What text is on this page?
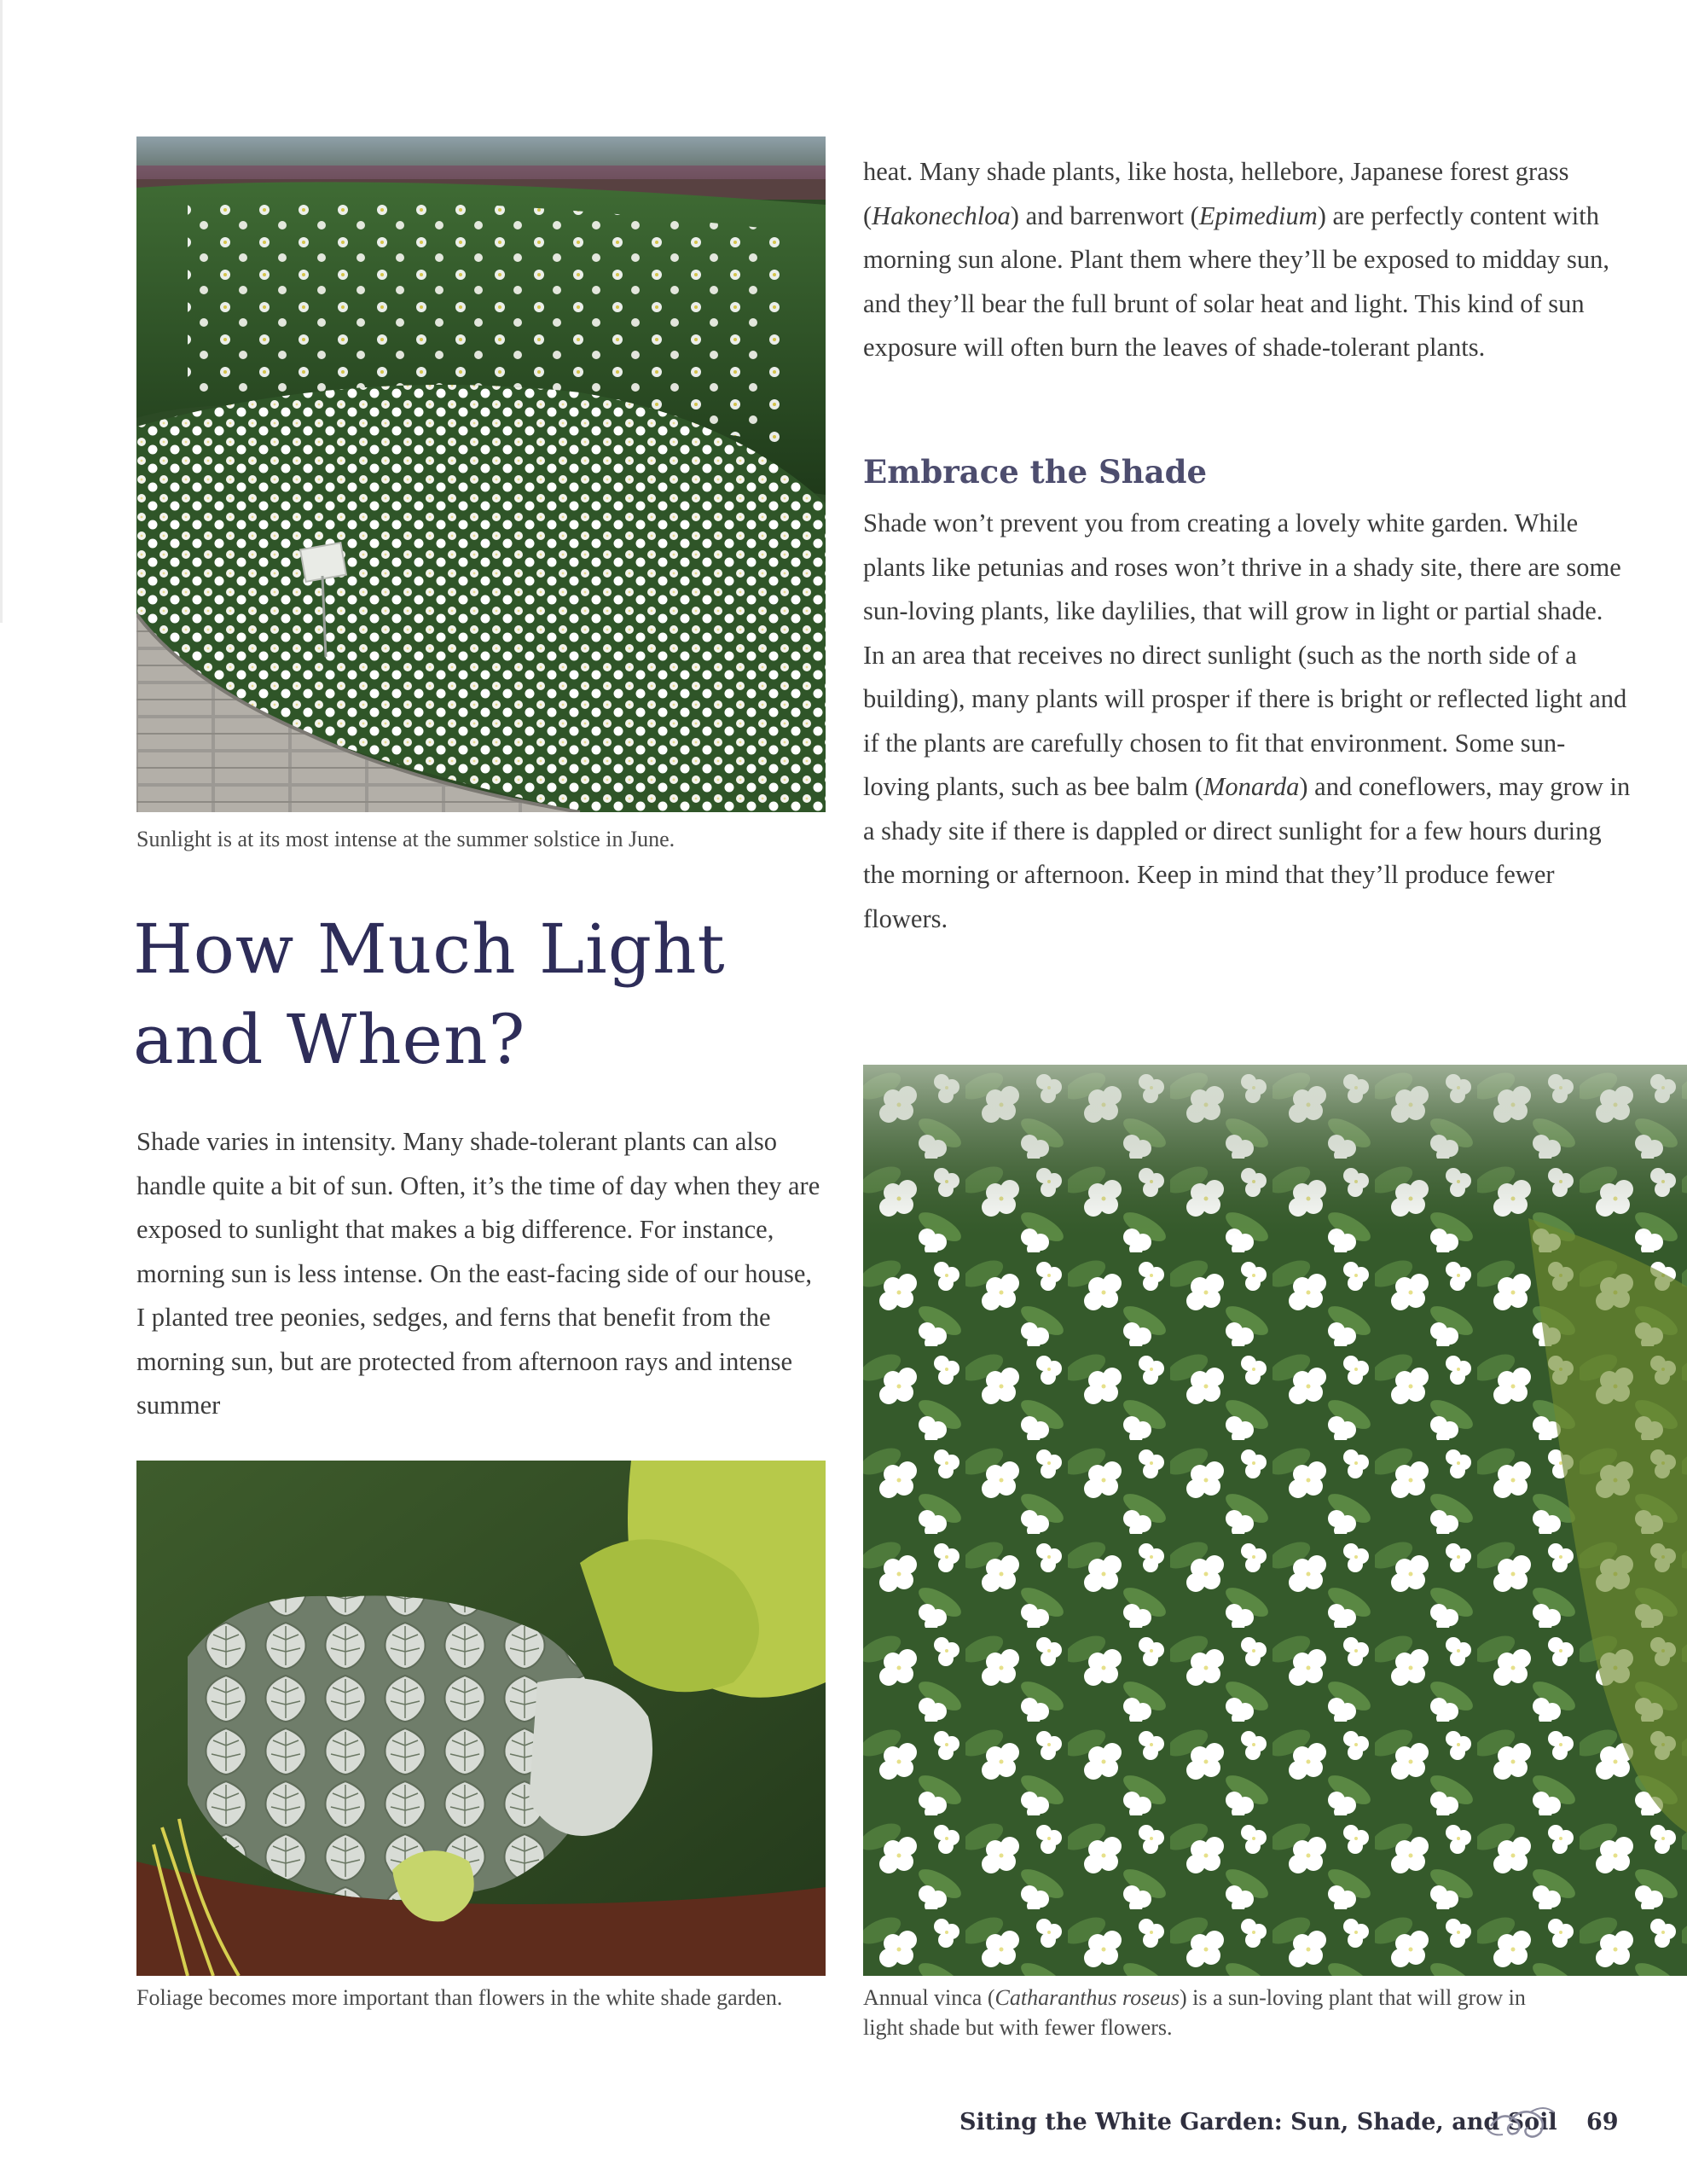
Sunlight is at its most intense at the summer solstice in June.

heat. Many shade plants, like hosta, hellebore, Japanese forest grass (Hakonechloa) and barrenwort (Epimedium) are perfectly content with morning sun alone. Plant them where they’ll be exposed to midday sun, and they’ll bear the full brunt of solar heat and light. This kind of sun exposure will often burn the leaves of shade-tolerant plants.

Embrace the Shade

Shade won’t prevent you from creating a lovely white garden. While plants like petunias and roses won’t thrive in a shady site, there are some sun-loving plants, like daylilies, that will grow in light or partial shade. In an area that receives no direct sunlight (such as the north side of a building), many plants will prosper if there is bright or reflected light and if the plants are carefully chosen to fit that environment. Some sun-loving plants, such as bee balm (Monarda) and coneflowers, may grow in a shady site if there is dappled or direct sunlight for a few hours during the morning or afternoon. Keep in mind that they’ll produce fewer flowers.

How Much Light
and When?

Shade varies in intensity. Many shade-tolerant plants can also handle quite a bit of sun. Often, it’s the time of day when they are exposed to sunlight that makes a big difference. For instance, morning sun is less intense. On the east-facing side of our house, I planted tree peonies, sedges, and ferns that benefit from the morning sun, but are protected from afternoon rays and intense summer

Foliage becomes more important than flowers in the white shade garden.	Annual vinca (Catharanthus roseus) is a sun-loving plant that will grow in light shade but with fewer flowers.
Siting the White Garden: Sun, Shade, and Soil 69
